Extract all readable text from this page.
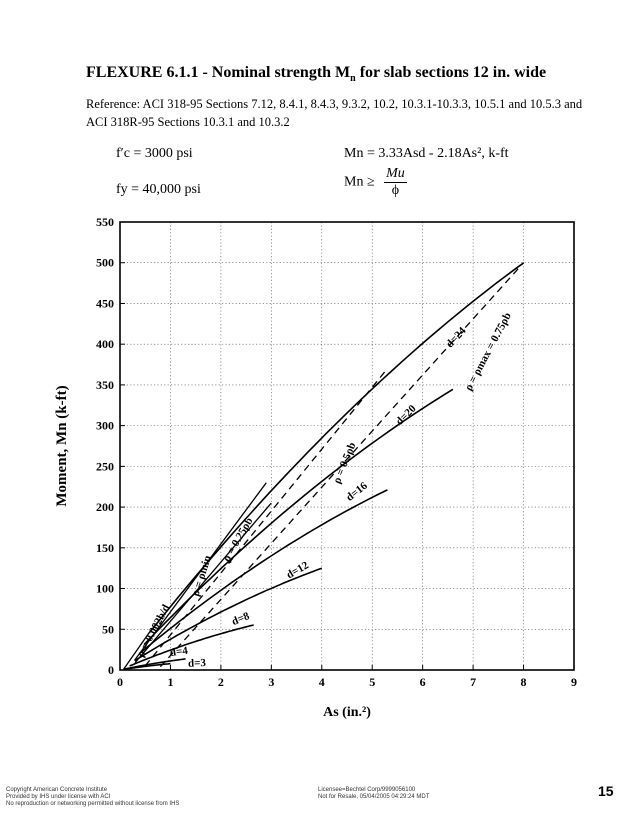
FLEXURE 6.1.1 - Nominal strength $M_n$ for slab sections 12 in. wide
Reference: ACI 318-95 Sections 7.12, 8.4.1, 8.4.3, 9.3.2, 10.2, 10.3.1-10.3.3, 10.5.1 and 10.5.3 and ACI 318R-95 Sections 10.3.1 and 10.3.2
f′c = 3000 psi
fy = 40,000 psi
Mn = 3.33Asd - 2.18As², k-ft
$Mn \ge \frac{Mu}{\phi}$
0	1	2	3	4	5	6	7	8	9
0
50
100
150
200
250
300
350
400
450
500
550
As (in.²)
Moment, Mn (k-ft)
d=24
d=20
d=16
d=12
d=8
d=4
d=3
ρ = 0.002b/d
ρ = ρmin
ρ = 0.25ρb
ρ = 0.5ρb
ρ = ρmax = 0.75ρb
Copyright American Concrete Institute
Provided by IHS under license with ACI
No reproduction or networking permitted without license from IHS
Licensee=Bechtel Corp/9999056100
Not for Resale, 05/04/2005 04:29:24 MDT	15
